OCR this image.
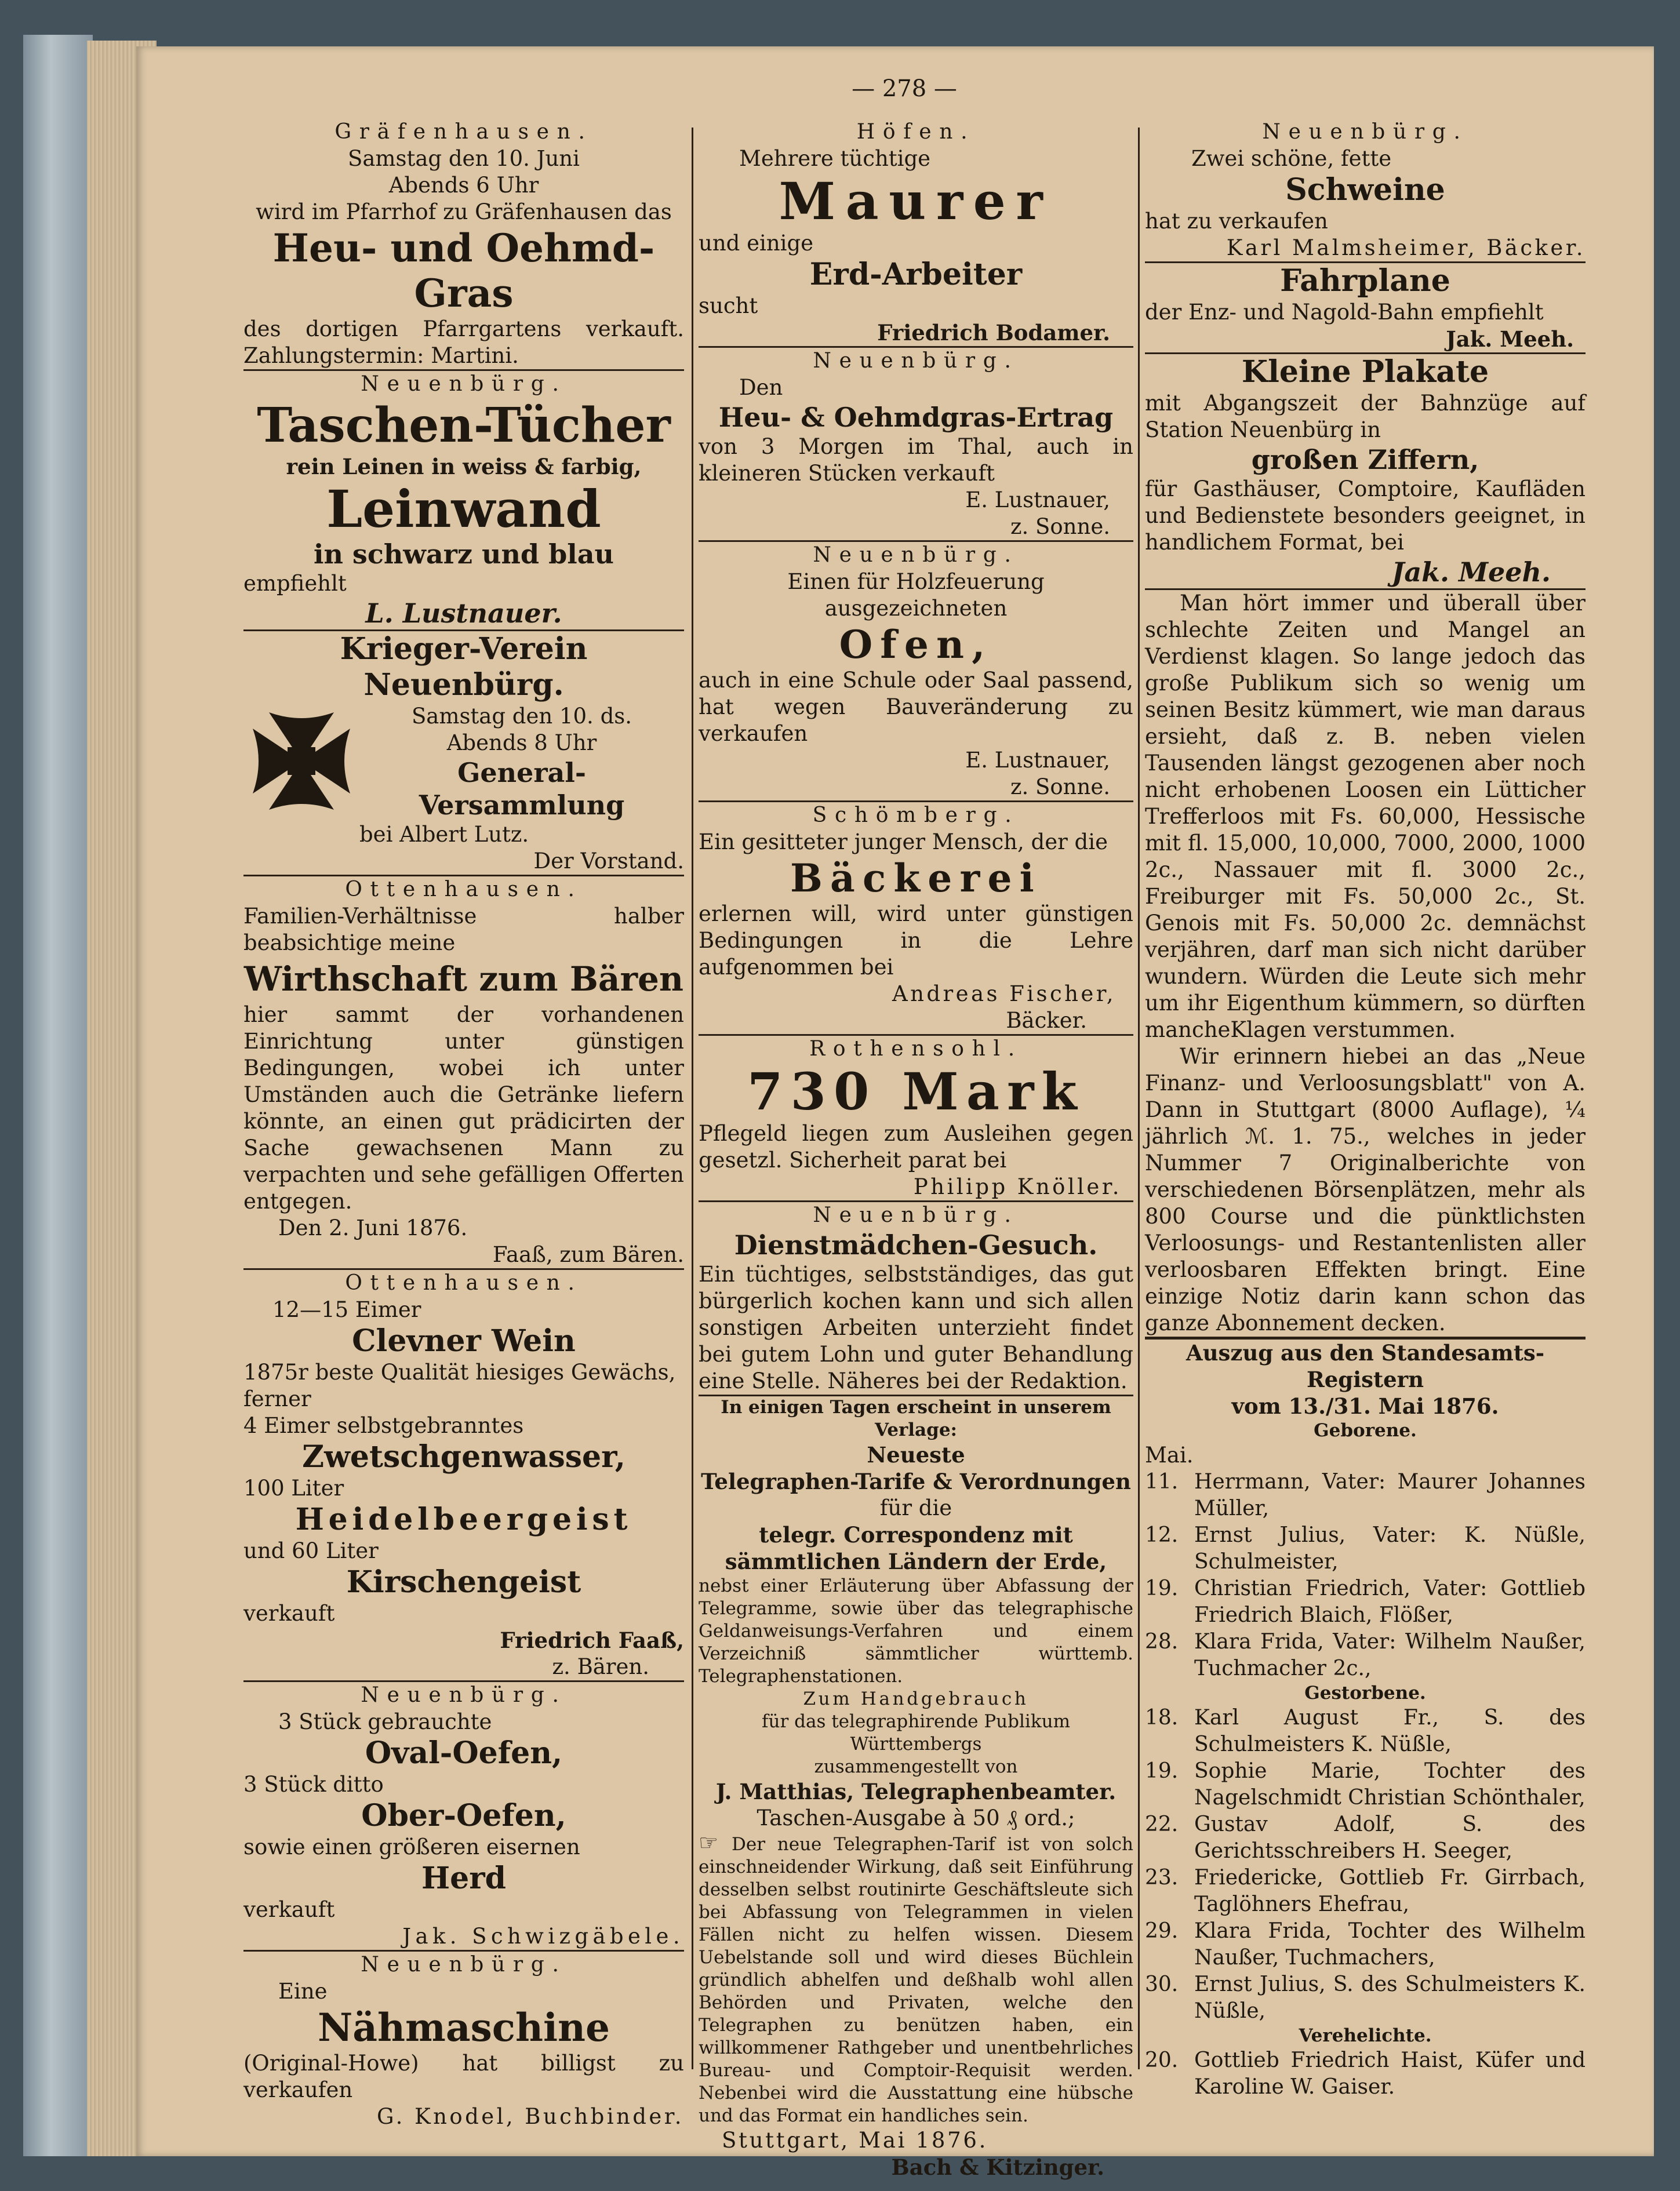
— 278 —
Gräfenhausen.
Samstag den 10. Juni
Abends 6 Uhr
wird im Pfarrhof zu Gräfenhausen das
Heu- und Oehmd-Gras
des dortigen Pfarrgartens verkauft. Zahlungstermin: Martini.
Neuenbürg.
Taschen-Tücher
rein Leinen in weiss & farbig,
Leinwand
in schwarz und blau
empfiehlt
L. Lustnauer.
Krieger-Verein Neuenbürg.
Samstag den 10. ds.
Abends 8 Uhr
General-Versammlung
bei Albert Lutz.
Der Vorstand.
Ottenhausen.
Familien-Verhältnisse halber beabsichtige meine
Wirthschaft zum Bären
hier sammt der vorhandenen Einrichtung unter günstigen Bedingungen, wobei ich unter Umständen auch die Getränke liefern könnte, an einen gut prädicirten der Sache gewachsenen Mann zu verpachten und sehe gefälligen Offerten entgegen.
Den 2. Juni 1876.
Faaß, zum Bären.
Ottenhausen.
12—15 Eimer
Clevner Wein
1875r beste Qualität hiesiges Gewächs,
ferner
4 Eimer selbstgebranntes
Zwetschgenwasser,
100 Liter
Heidelbeergeist
und 60 Liter
Kirschengeist
verkauft
Friedrich Faaß,
z. Bären.
Neuenbürg.
3 Stück gebrauchte
Oval-Oefen,
3 Stück ditto
Ober-Oefen,
sowie einen größeren eisernen
Herd
verkauft
Jak. Schwizgäbele.
Neuenbürg.
Eine
Nähmaschine
(Original-Howe) hat billigst zu verkaufen
G. Knodel, Buchbinder.
Höfen.
Mehrere tüchtige
Maurer
und einige
Erd-Arbeiter
sucht
Friedrich Bodamer.
Neuenbürg.
Den
Heu- & Oehmdgras-Ertrag
von 3 Morgen im Thal, auch in kleineren Stücken verkauft
E. Lustnauer,
z. Sonne.
Neuenbürg.
Einen für Holzfeuerung ausgezeichneten
Ofen,
auch in eine Schule oder Saal passend, hat wegen Bauveränderung zu verkaufen
E. Lustnauer,
z. Sonne.
Schömberg.
Ein gesitteter junger Mensch, der die
Bäckerei
erlernen will, wird unter günstigen Bedingungen in die Lehre aufgenommen bei
Andreas Fischer,
Bäcker.
Rothensohl.
730 Mark
Pflegeld liegen zum Ausleihen gegen gesetzl. Sicherheit parat bei
Philipp Knöller.
Neuenbürg.
Dienstmädchen-Gesuch.
Ein tüchtiges, selbstständiges, das gut bürgerlich kochen kann und sich allen sonstigen Arbeiten unterzieht findet bei gutem Lohn und guter Behandlung eine Stelle. Näheres bei der Redaktion.
In einigen Tagen erscheint in unserem Verlage:
Neueste
Telegraphen-Tarife & Verordnungen
für die
telegr. Correspondenz mit sämmtlichen Ländern der Erde,
nebst einer Erläuterung über Abfassung der Telegramme, sowie über das telegraphische Geldanweisungs-Verfahren und einem Verzeichniß sämmtlicher württemb. Telegraphenstationen.
Zum Handgebrauch
für das telegraphirende Publikum Württembergs
zusammengestellt von
J. Matthias, Telegraphenbeamter.
Taschen-Ausgabe à 50 ₰ ord.;
☞ Der neue Telegraphen-Tarif ist von solch einschneidender Wirkung, daß seit Einführung desselben selbst routinirte Geschäftsleute sich bei Abfassung von Telegrammen in vielen Fällen nicht zu helfen wissen. Diesem Uebelstande soll und wird dieses Büchlein gründlich abhelfen und deßhalb wohl allen Behörden und Privaten, welche den Telegraphen zu benützen haben, ein willkommener Rathgeber und unentbehrliches Bureau- und Comptoir-Requisit werden. Nebenbei wird die Ausstattung eine hübsche und das Format ein handliches sein.
Stuttgart, Mai 1876.
Bach & Kitzinger.
Neuenbürg.
Zwei schöne, fette
Schweine
hat zu verkaufen
Karl Malmsheimer, Bäcker.
Fahrplane
der Enz- und Nagold-Bahn empfiehlt
Jak. Meeh.
Kleine Plakate
mit Abgangszeit der Bahnzüge auf Station Neuenbürg in
großen Ziffern,
für Gasthäuser, Comptoire, Kaufläden und Bedienstete besonders geeignet, in handlichem Format, bei
Jak. Meeh.
Man hört immer und überall über schlechte Zeiten und Mangel an Verdienst klagen. So lange jedoch das große Publikum sich so wenig um seinen Besitz kümmert, wie man daraus ersieht, daß z. B. neben vielen Tausenden längst gezogenen aber noch nicht erhobenen Loosen ein Lütticher Trefferloos mit Fs. 60,000, Hessische mit fl. 15,000, 10,000, 7000, 2000, 1000 2c., Nassauer mit fl. 3000 2c., Freiburger mit Fs. 50,000 2c., St. Genois mit Fs. 50,000 2c. demnächst verjähren, darf man sich nicht darüber wundern. Würden die Leute sich mehr um ihr Eigenthum kümmern, so dürften mancheKlagen verstummen.
Wir erinnern hiebei an das „Neue Finanz- und Verloosungsblatt" von A. Dann in Stuttgart (8000 Auflage), ¼ jährlich ℳ. 1. 75., welches in jeder Nummer 7 Originalberichte von verschiedenen Börsenplätzen, mehr als 800 Course und die pünktlichsten Verloosungs- und Restantenlisten aller verloosbaren Effekten bringt. Eine einzige Notiz darin kann schon das ganze Abonnement decken.
Auszug aus den Standesamts-Registern
vom 13./31. Mai 1876.
Geborene.
Mai.
11. Herrmann, Vater: Maurer Johannes Müller,
12. Ernst Julius, Vater: K. Nüßle, Schulmeister,
19. Christian Friedrich, Vater: Gottlieb Friedrich Blaich, Flößer,
28. Klara Frida, Vater: Wilhelm Naußer, Tuchmacher 2c.,
Gestorbene.
18. Karl August Fr., S. des Schulmeisters K. Nüßle,
19. Sophie Marie, Tochter des Nagelschmidt Christian Schönthaler,
22. Gustav Adolf, S. des Gerichtsschreibers H. Seeger,
23. Friedericke, Gottlieb Fr. Girrbach, Taglöhners Ehefrau,
29. Klara Frida, Tochter des Wilhelm Naußer, Tuchmachers,
30. Ernst Julius, S. des Schulmeisters K. Nüßle,
Verehelichte.
20. Gottlieb Friedrich Haist, Küfer und Karoline W. Gaiser.
